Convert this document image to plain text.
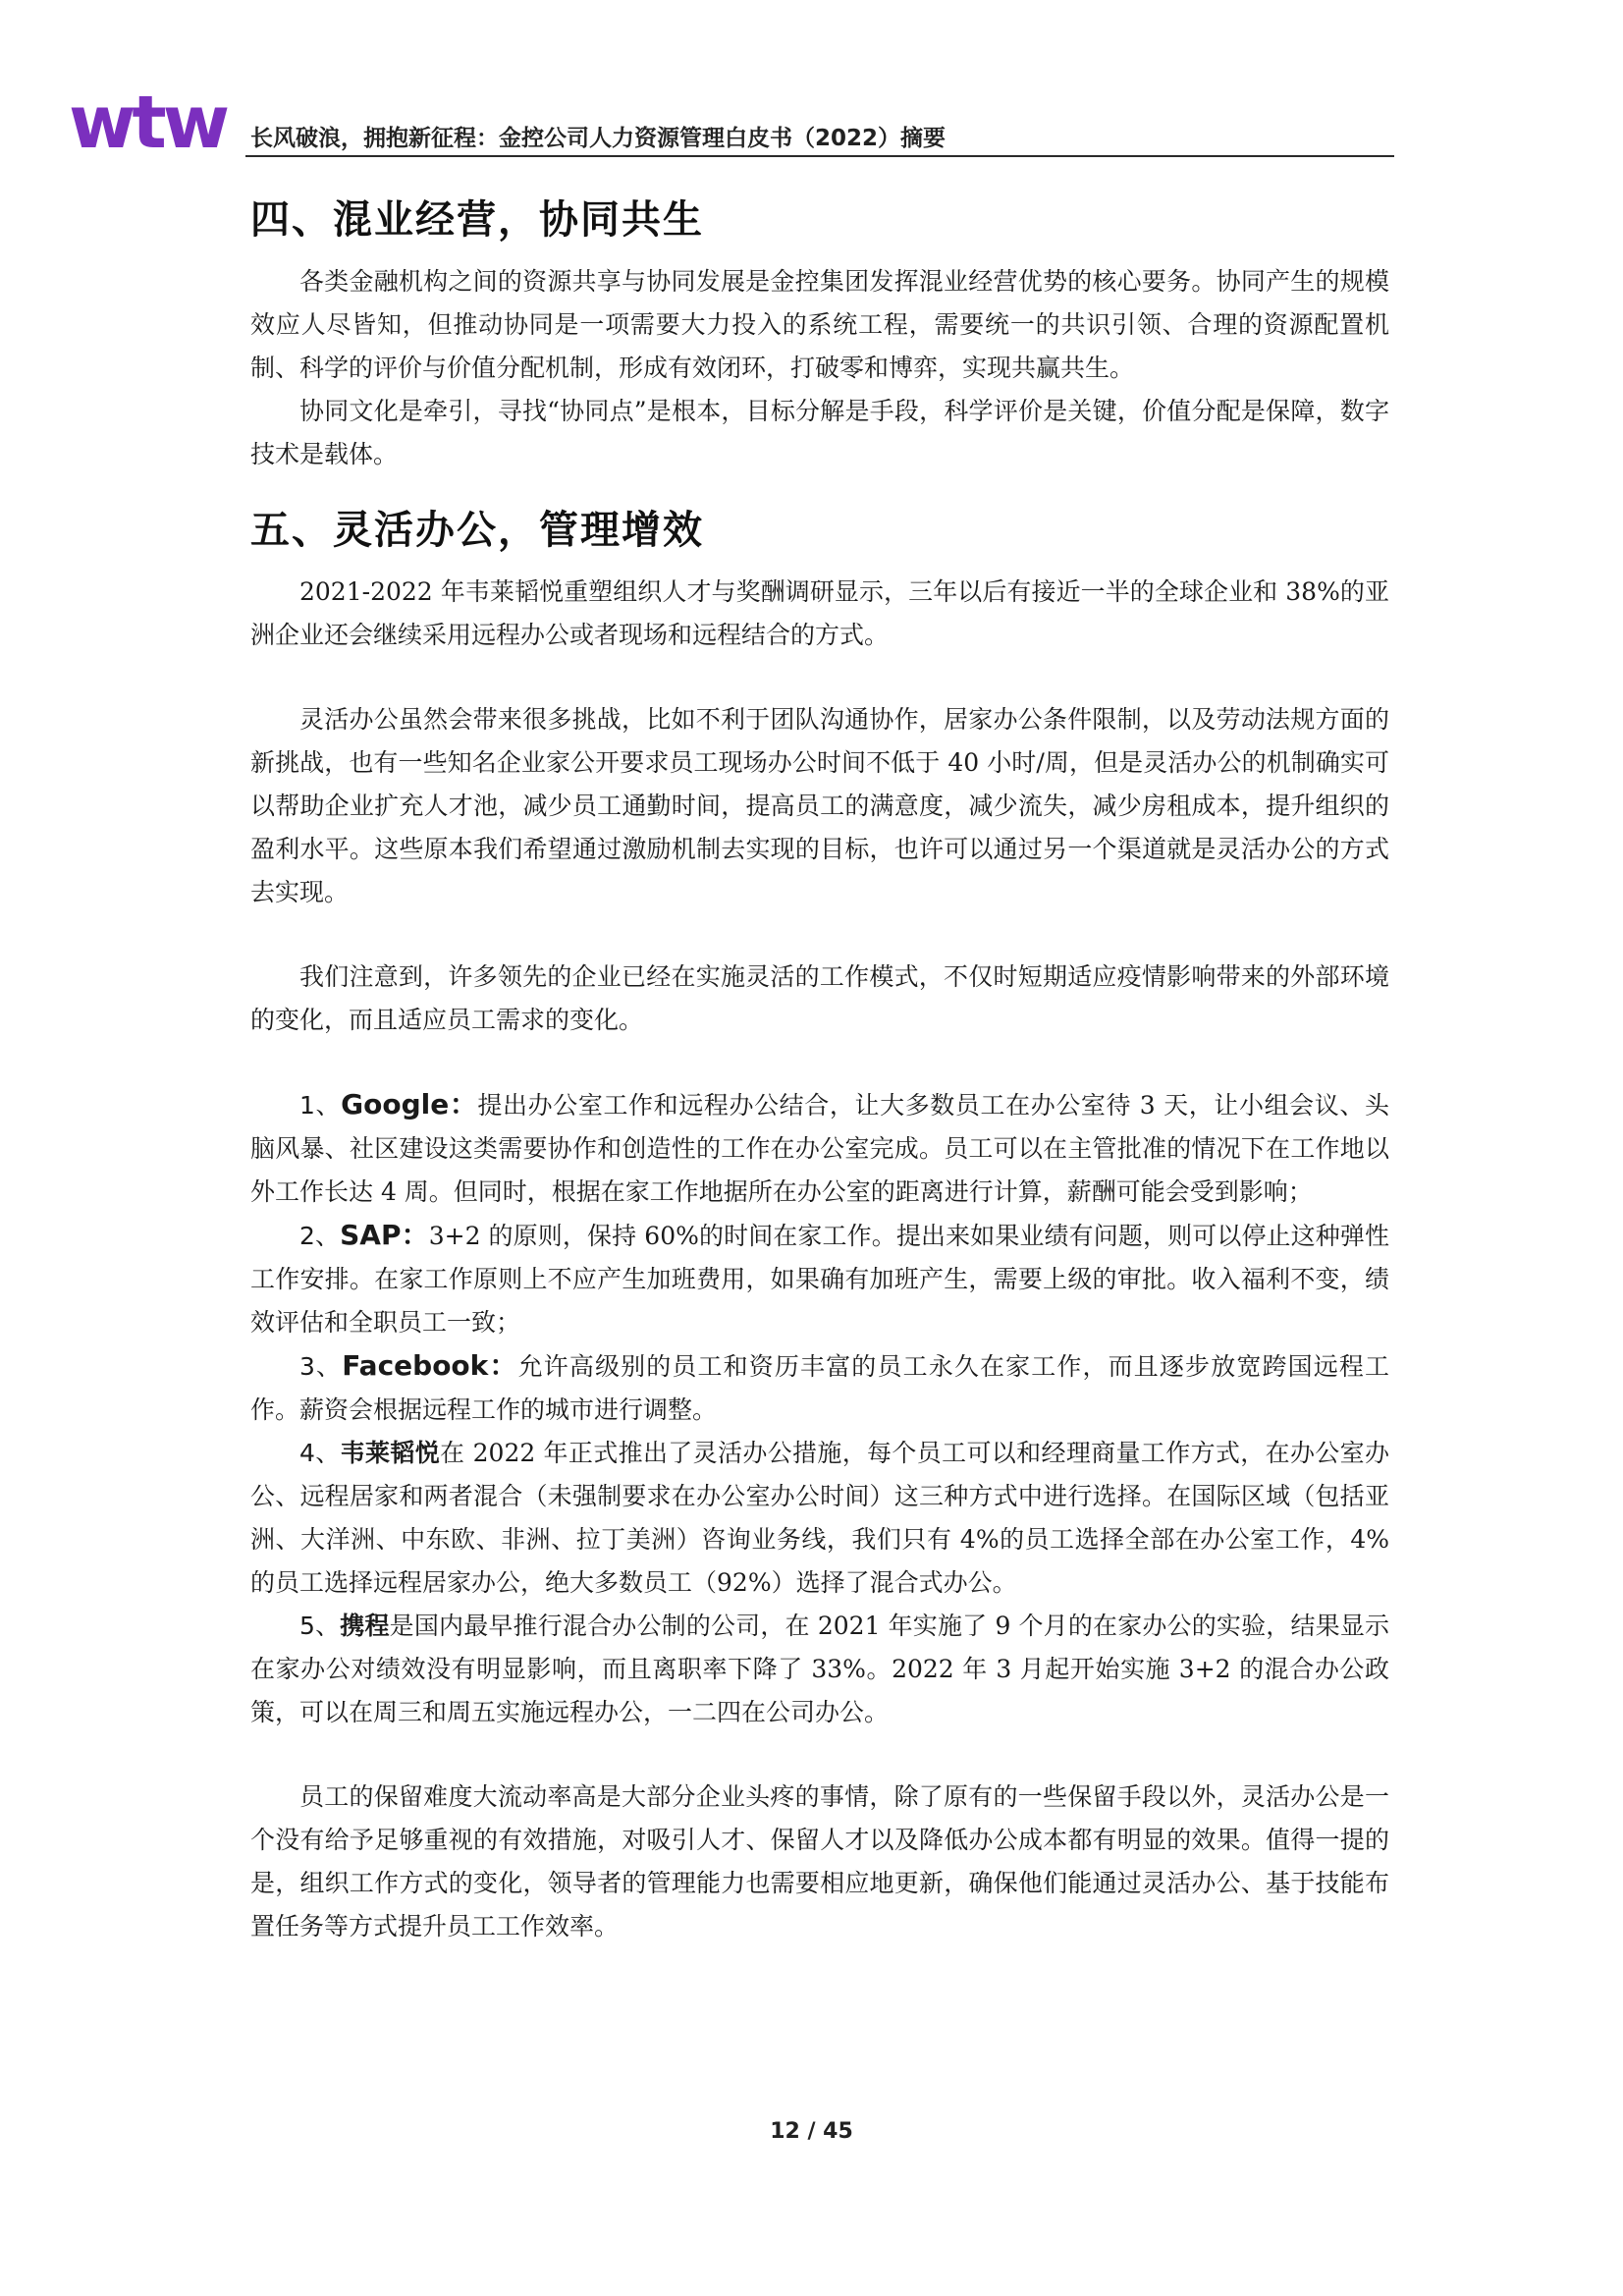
wtw 长风破浪，拥抱新征程：金控公司人力资源管理白皮书（2022）摘要
四、混业经营，协同共生

各类金融机构之间的资源共享与协同发展是金控集团发挥混业经营优势的核心要务。协同产生的规模效应人尽皆知，但推动协同是一项需要大力投入的系统工程，需要统一的共识引领、合理的资源配置机制、科学的评价与价值分配机制，形成有效闭环，打破零和博弈，实现共赢共生。

协同文化是牵引，寻找“协同点”是根本，目标分解是手段，科学评价是关键，价值分配是保障，数字技术是载体。

五、灵活办公，管理增效

2021-2022 年韦莱韬悦重塑组织人才与奖酬调研显示，三年以后有接近一半的全球企业和 38%的亚洲企业还会继续采用远程办公或者现场和远程结合的方式。

灵活办公虽然会带来很多挑战，比如不利于团队沟通协作，居家办公条件限制，以及劳动法规方面的新挑战，也有一些知名企业家公开要求员工现场办公时间不低于 40 小时/周，但是灵活办公的机制确实可以帮助企业扩充人才池，减少员工通勤时间，提高员工的满意度，减少流失，减少房租成本，提升组织的盈利水平。这些原本我们希望通过激励机制去实现的目标，也许可以通过另一个渠道就是灵活办公的方式去实现。

我们注意到，许多领先的企业已经在实施灵活的工作模式，不仅时短期适应疫情影响带来的外部环境的变化，而且适应员工需求的变化。

1、Google：提出办公室工作和远程办公结合，让大多数员工在办公室待 3 天，让小组会议、头脑风暴、社区建设这类需要协作和创造性的工作在办公室完成。员工可以在主管批准的情况下在工作地以外工作长达 4 周。但同时，根据在家工作地据所在办公室的距离进行计算，薪酬可能会受到影响；

2、SAP：3+2 的原则，保持 60%的时间在家工作。提出来如果业绩有问题，则可以停止这种弹性工作安排。在家工作原则上不应产生加班费用，如果确有加班产生，需要上级的审批。收入福利不变，绩效评估和全职员工一致；

3、Facebook：允许高级别的员工和资历丰富的员工永久在家工作，而且逐步放宽跨国远程工作。薪资会根据远程工作的城市进行调整。

4、韦莱韬悦在 2022 年正式推出了灵活办公措施，每个员工可以和经理商量工作方式，在办公室办公、远程居家和两者混合（未强制要求在办公室办公时间）这三种方式中进行选择。在国际区域（包括亚洲、大洋洲、中东欧、非洲、拉丁美洲）咨询业务线，我们只有 4%的员工选择全部在办公室工作，4%的员工选择远程居家办公，绝大多数员工（92%）选择了混合式办公。

5、携程是国内最早推行混合办公制的公司，在 2021 年实施了 9 个月的在家办公的实验，结果显示在家办公对绩效没有明显影响，而且离职率下降了 33%。2022 年 3 月起开始实施 3+2 的混合办公政策，可以在周三和周五实施远程办公，一二四在公司办公。

员工的保留难度大流动率高是大部分企业头疼的事情，除了原有的一些保留手段以外，灵活办公是一个没有给予足够重视的有效措施，对吸引人才、保留人才以及降低办公成本都有明显的效果。值得一提的是，组织工作方式的变化，领导者的管理能力也需要相应地更新，确保他们能通过灵活办公、基于技能布置任务等方式提升员工工作效率。

12 / 45
